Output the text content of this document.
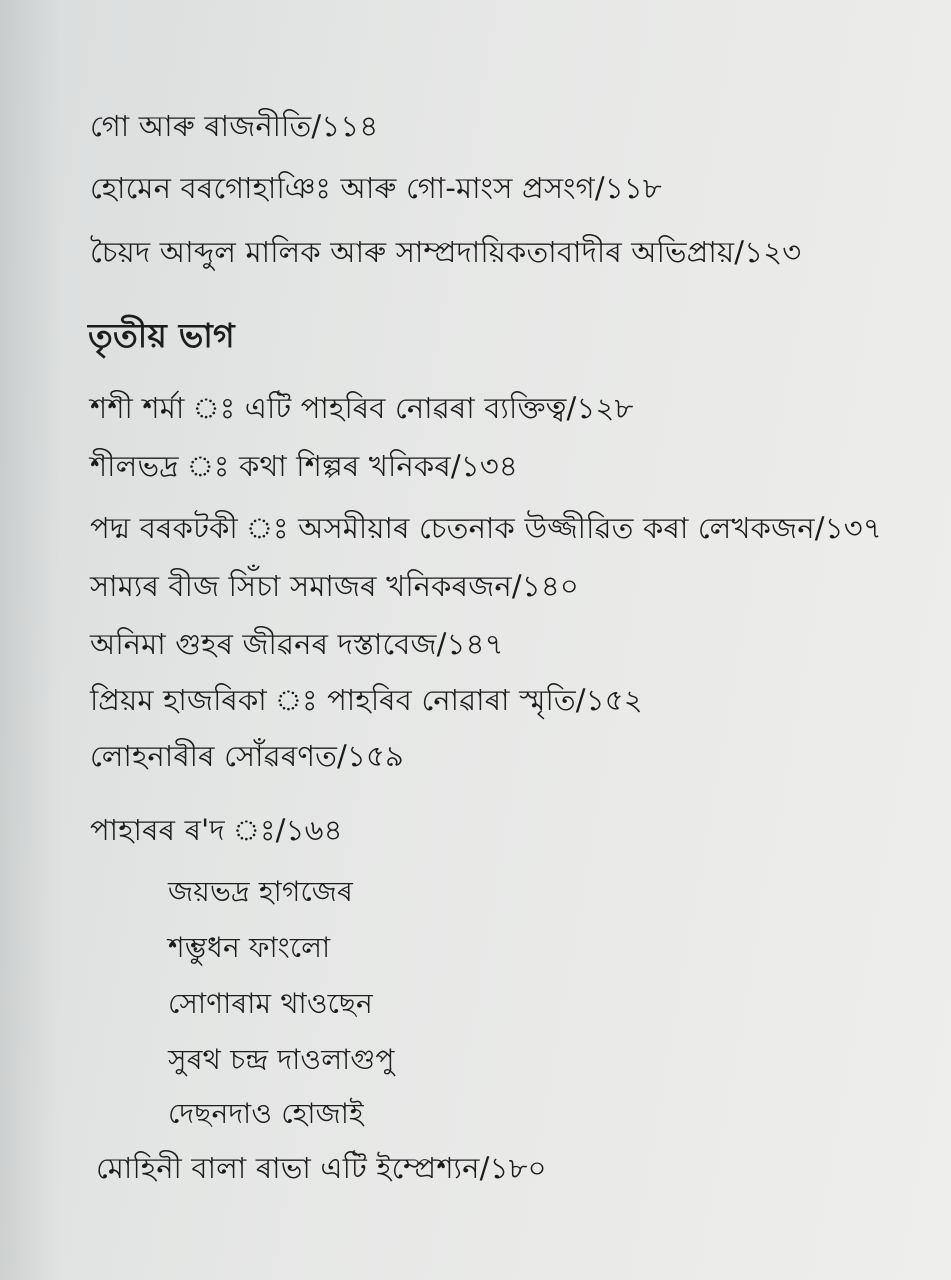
গো আৰু ৰাজনীতি/১১৪
হোমেন বৰগোহাঞিঃ আৰু গো-মাংস প্ৰসংগ/১১৮
চৈয়দ আব্দুল মালিক আৰু সাম্প্ৰদায়িকতাবাদীৰ অভিপ্ৰায়/১২৩
তৃতীয় ভাগ
শশী শৰ্মা ঃ এটি পাহৰিব নোৱৰা ব্যক্তিত্ব/১২৮
শীলভদ্ৰ ঃ কথা শিল্পৰ খনিকৰ/১৩৪
পদ্ম বৰকটকী ঃ অসমীয়াৰ চেতনাক উজ্জীৱিত কৰা লেখকজন/১৩৭
সাম্যৰ বীজ সিঁচা সমাজৰ খনিকৰজন/১৪০
অনিমা গুহৰ জীৱনৰ দস্তাবেজ/১৪৭
প্ৰিয়ম হাজৰিকা ঃ পাহৰিব নোৱাৰা স্মৃতি/১৫২
লোহনাৰীৰ সোঁৱৰণত/১৫৯
পাহাৰৰ ৰ'দ ঃ/১৬৪
জয়ভদ্ৰ হাগজেৰ
শম্ভুধন ফাংলো
সোণাৰাম থাওছেন
সুৰথ চন্দ্ৰ দাওলাগুপু
দেছনদাও হোজাই
মোহিনী বালা ৰাভা এটি ইম্প্ৰেশ্যন/১৮০
